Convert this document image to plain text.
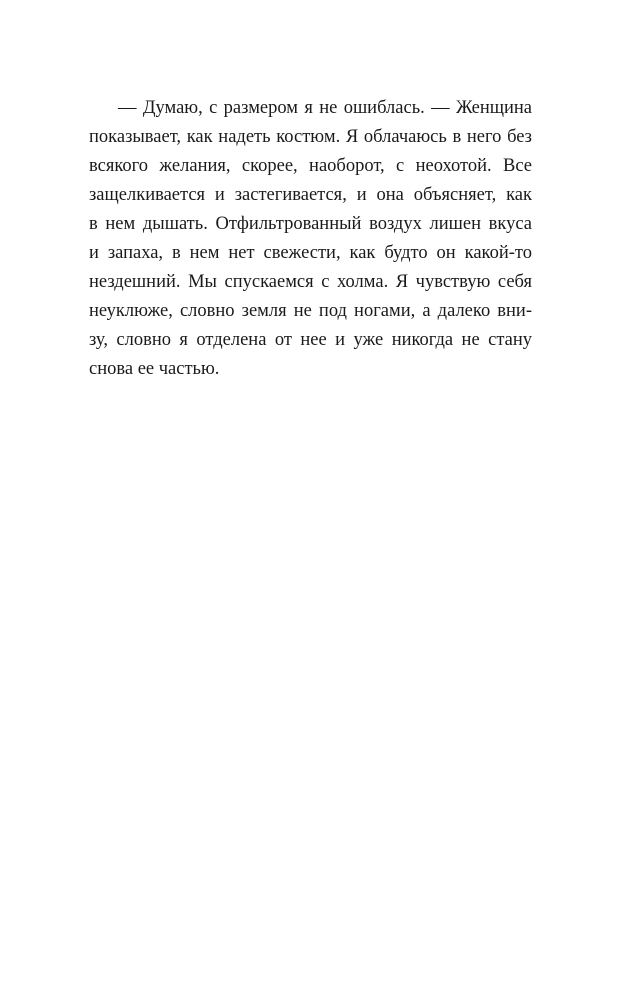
— Думаю, с размером я не ошиблась. — Женщина
показывает, как надеть костюм. Я облачаюсь в него без
всякого желания, скорее, наоборот, с неохотой. Все
защелкивается и застегивается, и она объясняет, как
в нем дышать. Отфильтрованный воздух лишен вкуса
и запаха, в нем нет свежести, как будто он какой-то
нездешний. Мы спускаемся с холма. Я чувствую себя
неуклюже, словно земля не под ногами, а далеко вни-
зу, словно я отделена от нее и уже никогда не стану
снова ее частью.
